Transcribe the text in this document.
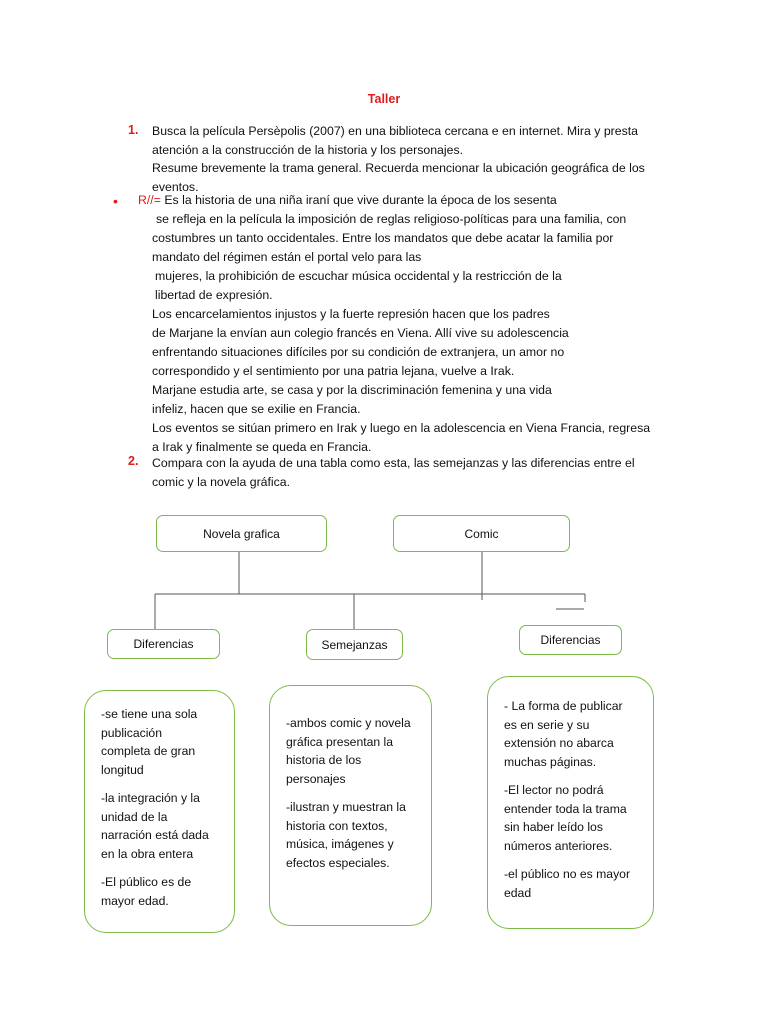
Taller
1. Busca la película Persèpolis (2007) en una biblioteca cercana e en internet. Mira y presta
atención a la construcción de la historia y los personajes.
Resume brevemente la trama general. Recuerda mencionar la ubicación geográfica de los
eventos.
• R//= Es la historia de una niña iraní que vive durante la época de los sesenta
se refleja en la película la imposición de reglas religioso-políticas para una familia, con
costumbres un tanto occidentales. Entre los mandatos que debe acatar la familia por
mandato del régimen están el portal velo para las
mujeres, la prohibición de escuchar música occidental y la restricción de la
libertad de expresión.
Los encarcelamientos injustos y la fuerte represión hacen que los padres
de Marjane la envían aun colegio francés en Viena. Allí vive su adolescencia
enfrentando situaciones difíciles por su condición de extranjera, un amor no
correspondido y el sentimiento por una patria lejana, vuelve a Irak.
Marjane estudia arte, se casa y por la discriminación femenina y una vida
infeliz, hacen que se exilie en Francia.
Los eventos se sitúan primero en Irak y luego en la adolescencia en Viena Francia, regresa
a Irak y finalmente se queda en Francia.
2. Compara con la ayuda de una tabla como esta, las semejanzas y las diferencias entre el
comic y la novela gráfica.
Novela grafica	Comic
Diferencias	Semejanzas	Diferencias

-se tiene una sola
publicación
completa de gran
longitud

-la integración y la
unidad de la
narración está dada
en la obra entera

-El público es de
mayor edad.

-ambos comic y novela
gráfica presentan la
historia de los
personajes

-ilustran y muestran la
historia con textos,
música, imágenes y
efectos especiales.

- La forma de publicar
es en serie y su
extensión no abarca
muchas páginas.

-El lector no podrá
entender toda la trama
sin haber leído los
números anteriores.

-el público no es mayor
edad
